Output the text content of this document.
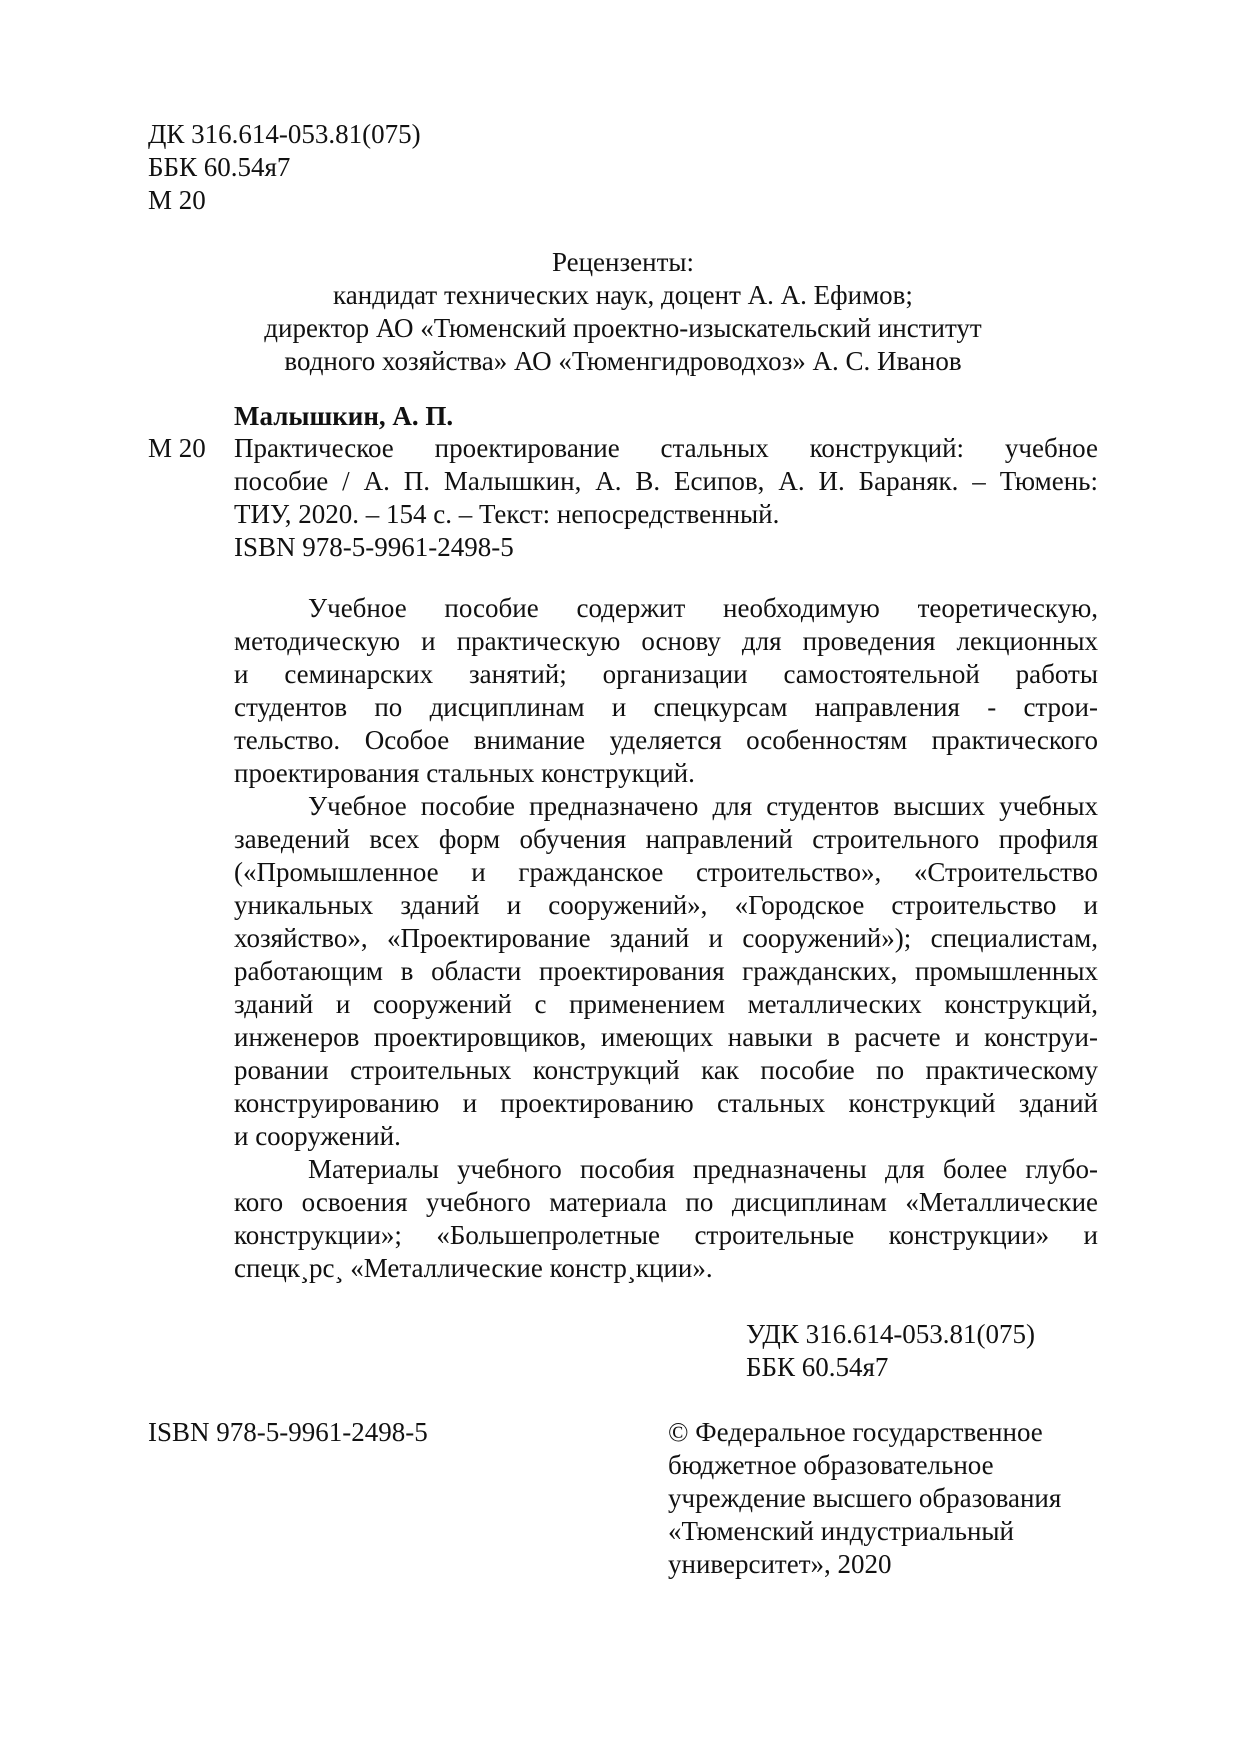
ДК 316.614-053.81(075)
ББК 60.54я7
М 20
Рецензенты:
кандидат технических наук, доцент А. А. Ефимов;
директор АО «Тюменский проектно-изыскательский институт
водного хозяйства» АО «Тюменгидроводхоз» А. С. Иванов
Малышкин, А. П.
М 20 Практическое проектирование стальных конструкций: учебное
пособие / А. П. Малышкин, А. В. Есипов, А. И. Бараняк. – Тюмень:
ТИУ, 2020. – 154 с. – Текст: непосредственный.
ISBN 978-5-9961-2498-5
Учебное пособие содержит необходимую теоретическую,
методическую и практическую основу для проведения лекционных
и семинарских занятий; организации самостоятельной работы
студентов по дисциплинам и спецкурсам направления - строи-
тельство. Особое внимание уделяется особенностям практического
проектирования стальных конструкций.
Учебное пособие предназначено для студентов высших учебных
заведений всех форм обучения направлений строительного профиля
(«Промышленное и гражданское строительство», «Строительство
уникальных зданий и сооружений», «Городское строительство и
хозяйство», «Проектирование зданий и сооружений»); специалистам,
работающим в области проектирования гражданских, промышленных
зданий и сооружений с применением металлических конструкций,
инженеров проектировщиков, имеющих навыки в расчете и конструи-
ровании строительных конструкций как пособие по практическому
конструированию и проектированию стальных конструкций зданий
и сооружений.
Материалы учебного пособия предназначены для более глубо-
кого освоения учебного материала по дисциплинам «Металлические
конструкции»; «Большепролетные строительные конструкции» и
спецк¸рс¸ «Металлические констр¸кции».
УДК 316.614-053.81(075)
ББК 60.54я7
ISBN 978-5-9961-2498-5	© Федеральное государственное
бюджетное образовательное
учреждение высшего образования
«Тюменский индустриальный
университет», 2020
